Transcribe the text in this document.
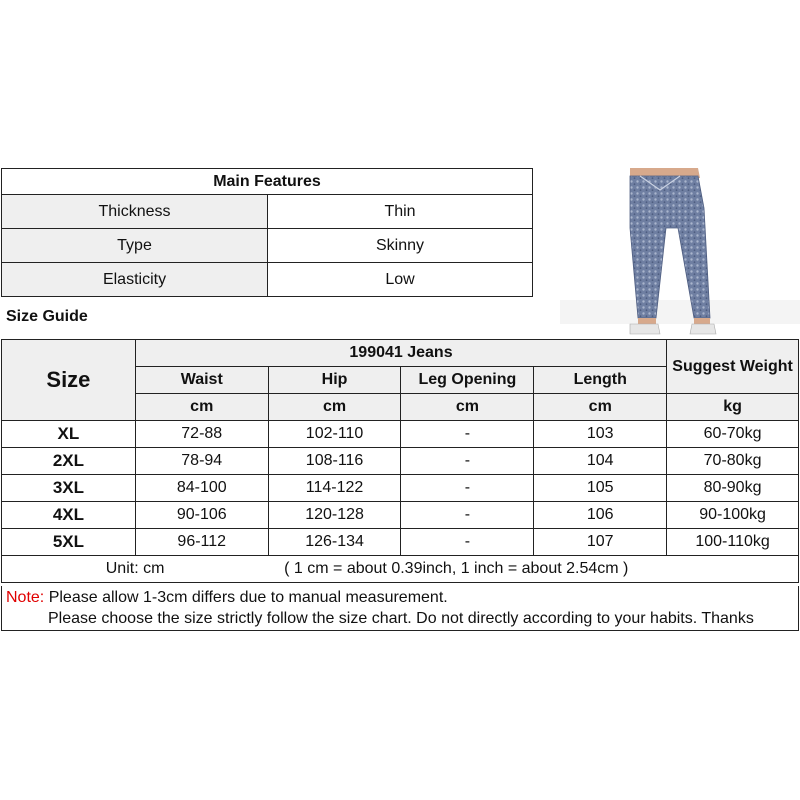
Main Features	
Thickness	Thin
Type	Skinny
Elasticity	Low
Size Guide
Size	199041 Jeans				Suggest Weight
	Waist	Hip	Leg Opening	Length	
	cm	cm	cm	cm	kg
XL	72-88	102-110	-	103	60-70kg
2XL	78-94	108-116	-	104	70-80kg
3XL	84-100	114-122	-	105	80-90kg
4XL	90-106	120-128	-	106	90-100kg
5XL	96-112	126-134	-	107	100-110kg
Unit: cm		( 1 cm = about 0.39inch, 1 inch = about 2.54cm )			
Note: Please allow 1-3cm differs due to manual measurement.
Please choose the size strictly follow the size chart. Do not directly according to your habits. Thanks
